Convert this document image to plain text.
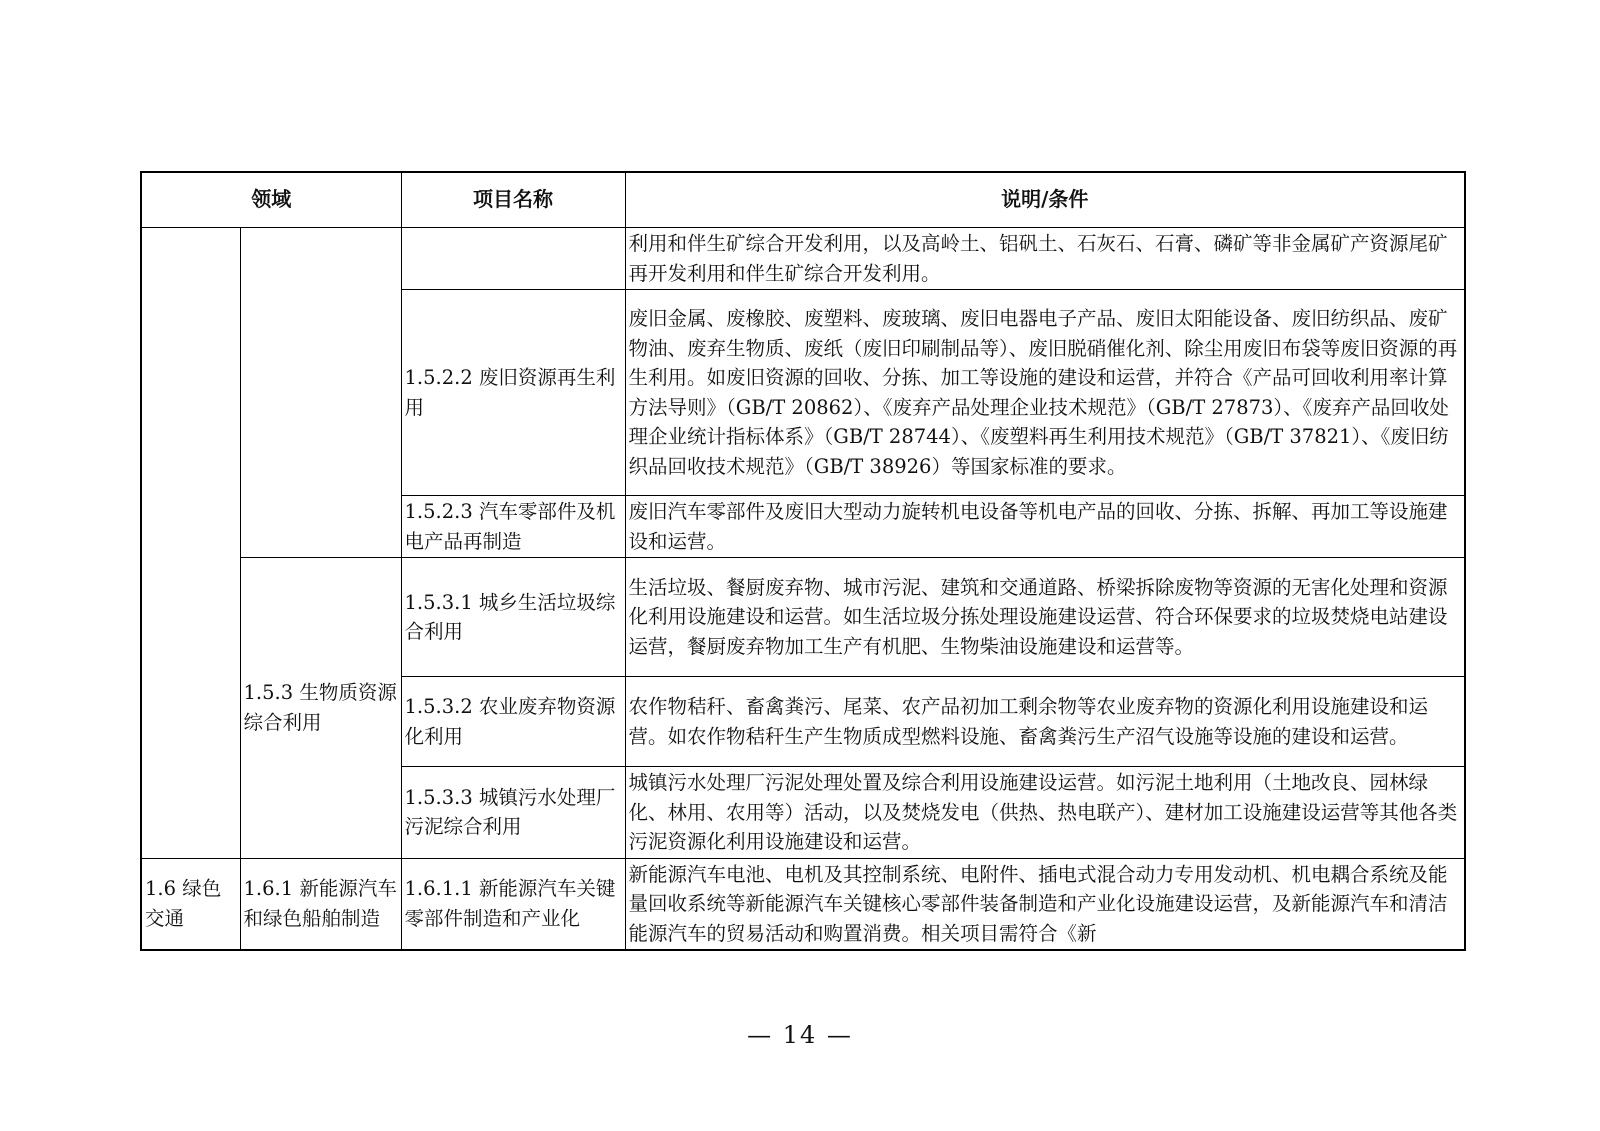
领域		项目名称	说明/条件
			利用和伴生矿综合开发利用，以及高岭土、铝矾土、石灰石、石膏、磷矿等非金属矿产资源尾矿再开发利用和伴生矿综合开发利用。
		1.5.2.2 废旧资源再生利用	废旧金属、废橡胶、废塑料、废玻璃、废旧电器电子产品、废旧太阳能设备、废旧纺织品、废矿物油、废弃生物质、废纸（废旧印刷制品等）、废旧脱硝催化剂、除尘用废旧布袋等废旧资源的再生利用。如废旧资源的回收、分拣、加工等设施的建设和运营，并符合《产品可回收利用率计算方法导则》（GB/T 20862）、《废弃产品处理企业技术规范》（GB/T 27873）、《废弃产品回收处理企业统计指标体系》（GB/T 28744）、《废塑料再生利用技术规范》（GB/T 37821）、《废旧纺织品回收技术规范》（GB/T 38926）等国家标准的要求。
		1.5.2.3 汽车零部件及机电产品再制造	废旧汽车零部件及废旧大型动力旋转机电设备等机电产品的回收、分拣、拆解、再加工等设施建设和运营。
	1.5.3 生物质资源综合利用	1.5.3.1 城乡生活垃圾综合利用	生活垃圾、餐厨废弃物、城市污泥、建筑和交通道路、桥梁拆除废物等资源的无害化处理和资源化利用设施建设和运营。如生活垃圾分拣处理设施建设运营、符合环保要求的垃圾焚烧电站建设运营，餐厨废弃物加工生产有机肥、生物柴油设施建设和运营等。
		1.5.3.2 农业废弃物资源化利用	农作物秸秆、畜禽粪污、尾菜、农产品初加工剩余物等农业废弃物的资源化利用设施建设和运营。如农作物秸秆生产生物质成型燃料设施、畜禽粪污生产沼气设施等设施的建设和运营。
		1.5.3.3 城镇污水处理厂污泥综合利用	城镇污水处理厂污泥处理处置及综合利用设施建设运营。如污泥土地利用（土地改良、园林绿化、林用、农用等）活动，以及焚烧发电（供热、热电联产）、建材加工设施建设运营等其他各类污泥资源化利用设施建设和运营。
1.6 绿色交通	1.6.1 新能源汽车和绿色船舶制造	1.6.1.1 新能源汽车关键零部件制造和产业化	新能源汽车电池、电机及其控制系统、电附件、插电式混合动力专用发动机、机电耦合系统及能量回收系统等新能源汽车关键核心零部件装备制造和产业化设施建设运营，及新能源汽车和清洁能源汽车的贸易活动和购置消费。相关项目需符合《新
— 14 —
